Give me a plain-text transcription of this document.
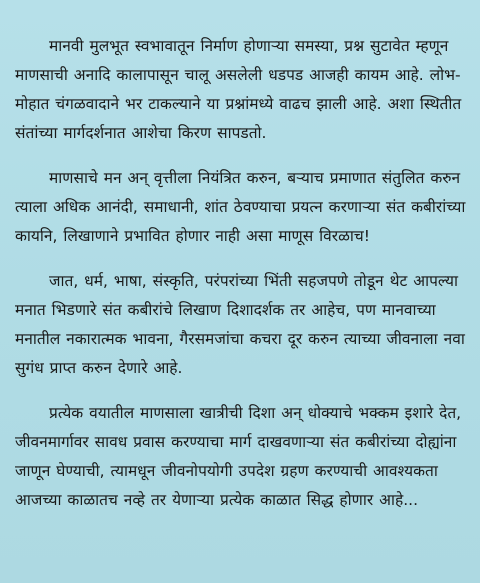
मानवी मुलभूत स्वभावातून निर्माण होणाऱ्या समस्या, प्रश्न सुटावेत म्हणून माणसाची अनादि कालापासून चालू असलेली धडपड आजही कायम आहे. लोभ-मोहात चंगळवादाने भर टाकल्याने या प्रश्नांमध्ये वाढच झाली आहे. अशा स्थितीत संतांच्या मार्गदर्शनात आशेचा किरण सापडतो.

माणसाचे मन अन् वृत्तीला नियंत्रित करुन, बऱ्याच प्रमाणात संतुलित करुन त्याला अधिक आनंदी, समाधानी, शांत ठेवण्याचा प्रयत्न करणाऱ्या संत कबीरांच्या कायनि, लिखाणाने प्रभावित होणार नाही असा माणूस विरळाच!

जात, धर्म, भाषा, संस्कृति, परंपरांच्या भिंती सहजपणे तोडून थेट आपल्या मनात भिडणारे संत कबीरांचे लिखाण दिशादर्शक तर आहेच, पण मानवाच्या मनातील नकारात्मक भावना, गैरसमजांचा कचरा दूर करुन त्याच्या जीवनाला नवा सुगंध प्राप्त करुन देणारे आहे.

प्रत्येक वयातील माणसाला खात्रीची दिशा अन् धोक्याचे भक्कम इशारे देत, जीवनमार्गावर सावध प्रवास करण्याचा मार्ग दाखवणाऱ्या संत कबीरांच्या दोह्यांना जाणून घेण्याची, त्यामधून जीवनोपयोगी उपदेश ग्रहण करण्याची आवश्यकता आजच्या काळातच नव्हे तर येणाऱ्या प्रत्येक काळात सिद्ध होणार आहे...
